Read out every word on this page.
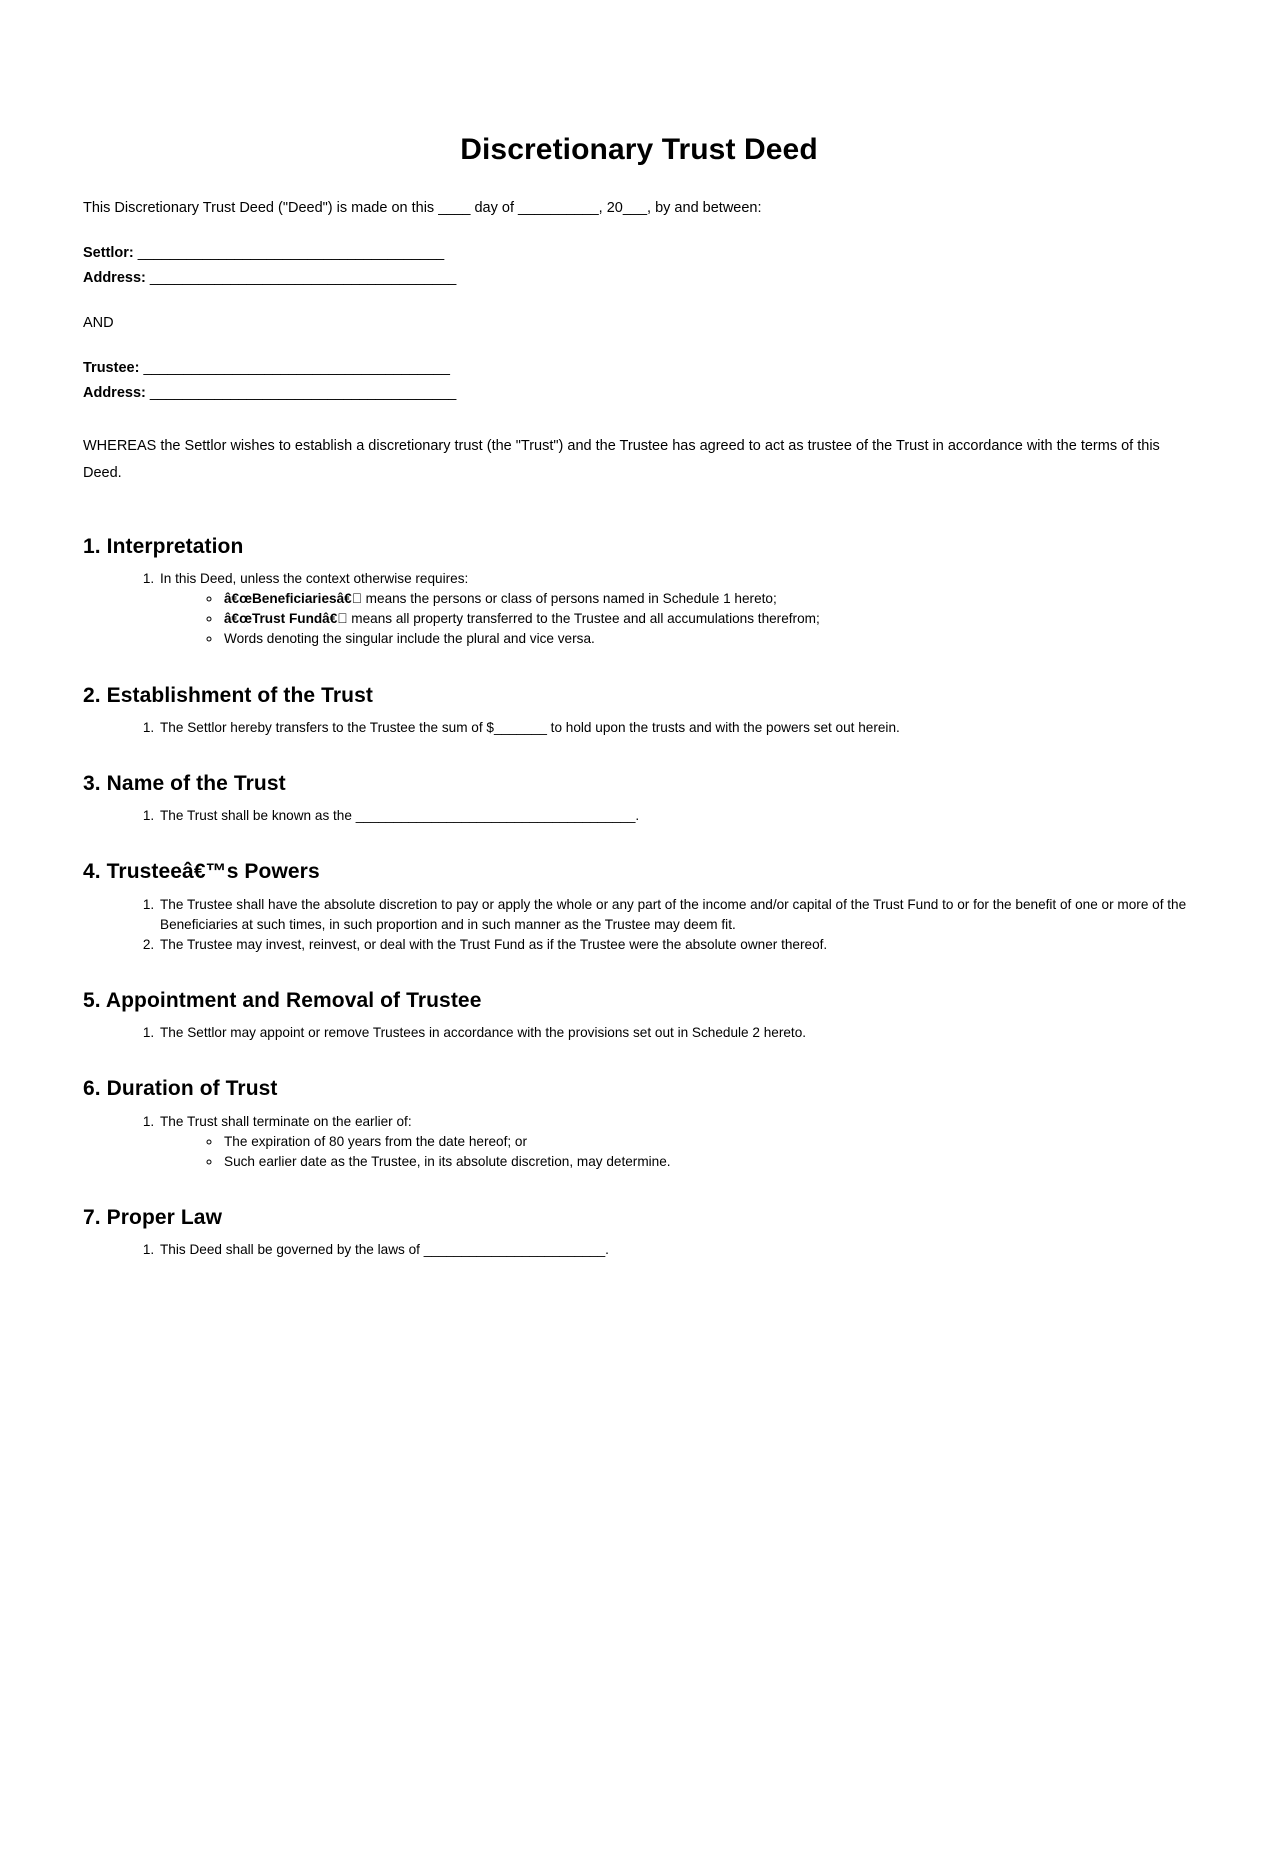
Discretionary Trust Deed

This Discretionary Trust Deed ("Deed") is made on this ____ day of __________, 20___, by and between:

Settlor: ______________________________________
Address: ______________________________________
AND
Trustee: ______________________________________
Address: ______________________________________

WHEREAS the Settlor wishes to establish a discretionary trust (the "Trust") and the Trustee has agreed to act as trustee of the Trust in accordance with the terms of this Deed.

1. Interpretation
1. In this Deed, unless the context otherwise requires:
◦ â€œBeneficiariesâ€ means the persons or class of persons named in Schedule 1 hereto;
◦ â€œTrust Fundâ€ means all property transferred to the Trustee and all accumulations therefrom;
◦ Words denoting the singular include the plural and vice versa.
2. Establishment of the Trust
1. The Settlor hereby transfers to the Trustee the sum of $_______ to hold upon the trusts and with the powers set out herein.
3. Name of the Trust
1. The Trust shall be known as the _____________________________________.
4. Trusteeâ€™s Powers
1. The Trustee shall have the absolute discretion to pay or apply the whole or any part of the income and/or capital of the Trust Fund to or for the benefit of one or more of the Beneficiaries at such times, in such proportion and in such manner as the Trustee may deem fit.
2. The Trustee may invest, reinvest, or deal with the Trust Fund as if the Trustee were the absolute owner thereof.
5. Appointment and Removal of Trustee
1. The Settlor may appoint or remove Trustees in accordance with the provisions set out in Schedule 2 hereto.
6. Duration of Trust
1. The Trust shall terminate on the earlier of:
◦ The expiration of 80 years from the date hereof; or
◦ Such earlier date as the Trustee, in its absolute discretion, may determine.
7. Proper Law
1. This Deed shall be governed by the laws of ________________________.
